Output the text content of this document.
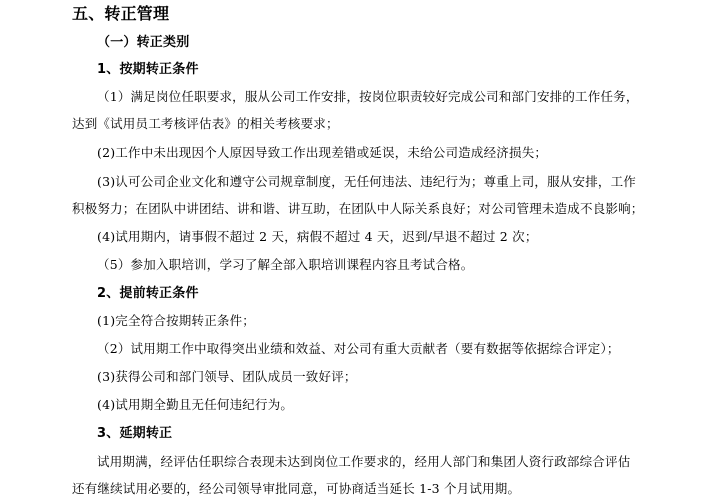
五、转正管理
（一）转正类别
1、按期转正条件
（1）满足岗位任职要求，服从公司工作安排，按岗位职责较好完成公司和部门安排的工作任务，
达到《试用员工考核评估表》的相关考核要求；
(2)工作中未出现因个人原因导致工作出现差错或延误，未给公司造成经济损失；
(3)认可公司企业文化和遵守公司规章制度，无任何违法、违纪行为；尊重上司，服从安排，工作
积极努力；在团队中讲团结、讲和谐、讲互助，在团队中人际关系良好；对公司管理未造成不良影响；
(4)试用期内，请事假不超过 2 天，病假不超过 4 天，迟到/早退不超过 2 次；
（5）参加入职培训，学习了解全部入职培训课程内容且考试合格。
2、提前转正条件
(1)完全符合按期转正条件；
（2）试用期工作中取得突出业绩和效益、对公司有重大贡献者（要有数据等依据综合评定）；
(3)获得公司和部门领导、团队成员一致好评；
(4)试用期全勤且无任何违纪行为。
3、延期转正
试用期满，经评估任职综合表现未达到岗位工作要求的，经用人部门和集团人资行政部综合评估
还有继续试用必要的，经公司领导审批同意，可协商适当延长 1-3 个月试用期。
